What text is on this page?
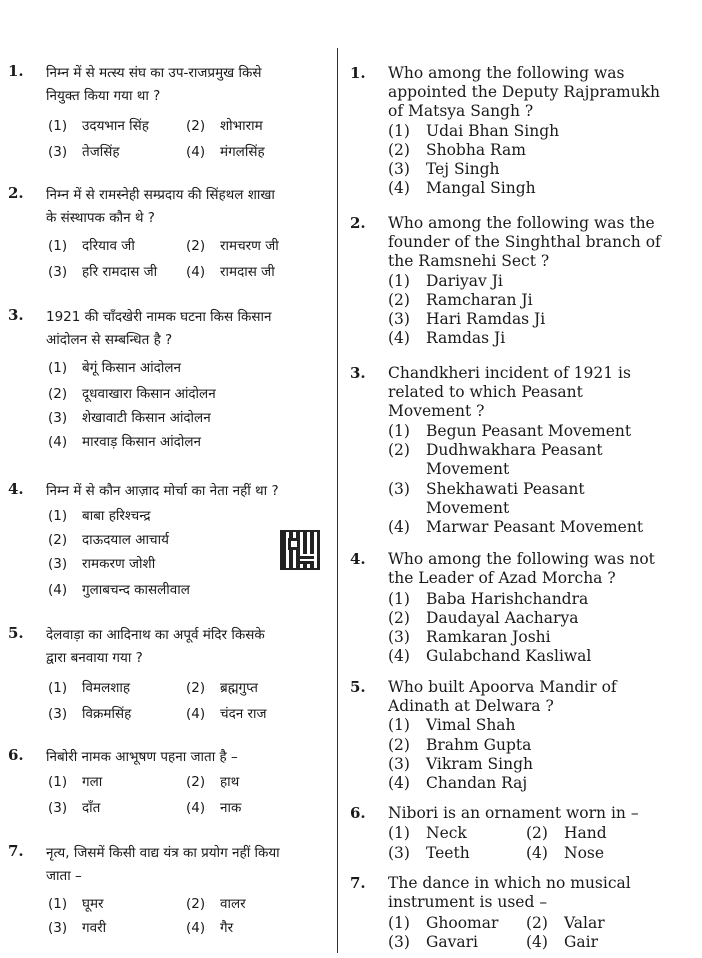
1. निम्न में से मत्स्य संघ का उप-राजप्रमुख किसे
नियुक्त किया गया था ?
(1) उदयभान सिंह	(2) शोभाराम
(3) तेजसिंह	(4) मंगलसिंह
2. निम्न में से रामस्नेही सम्प्रदाय की सिंहथल शाखा
के संस्थापक कौन थे ?
(1) दरियाव जी	(2) रामचरण जी
(3) हरि रामदास जी (4) रामदास जी
3. 1921 की चाँदखेरी नामक घटना किस किसान
आंदोलन से सम्बन्धित है ?
(1) बेगूं किसान आंदोलन
(2) दूधवाखारा किसान आंदोलन
(3) शेखावाटी किसान आंदोलन
(4) मारवाड़ किसान आंदोलन
4. निम्न में से कौन आज़ाद मोर्चा का नेता नहीं था ?
(1) बाबा हरिश्चन्द्र
(2) दाऊदयाल आचार्य
(3) रामकरण जोशी
(4) गुलाबचन्द कासलीवाल
5. देलवाड़ा का आदिनाथ का अपूर्व मंदिर किसके
द्वारा बनवाया गया ?
(1) विमलशाह	(2) ब्रह्मगुप्त
(3) विक्रमसिंह	(4) चंदन राज
6. निबोरी नामक आभूषण पहना जाता है –
(1) गला	(2) हाथ
(3) दाँत	(4) नाक
7. नृत्य, जिसमें किसी वाद्य यंत्र का प्रयोग नहीं किया
जाता –
(1) घूमर	(2) वालर
(3) गवरी	(4) गैर
1. Who among the following was
appointed the Deputy Rajpramukh
of Matsya Sangh ?
(1) Udai Bhan Singh
(2) Shobha Ram
(3) Tej Singh
(4) Mangal Singh
2. Who among the following was the
founder of the Singhthal branch of
the Ramsnehi Sect ?
(1) Dariyav Ji
(2) Ramcharan Ji
(3) Hari Ramdas Ji
(4) Ramdas Ji
3. Chandkheri incident of 1921 is
related to which Peasant
Movement ?
(1) Begun Peasant Movement
(2) Dudhwakhara Peasant
Movement
(3) Shekhawati Peasant
Movement
(4) Marwar Peasant Movement
4. Who among the following was not
the Leader of Azad Morcha ?
(1) Baba Harishchandra
(2) Daudayal Aacharya
(3) Ramkaran Joshi
(4) Gulabchand Kasliwal
5. Who built Apoorva Mandir of
Adinath at Delwara ?
(1) Vimal Shah
(2) Brahm Gupta
(3) Vikram Singh
(4) Chandan Raj
6. Nibori is an ornament worn in –
(1) Neck	(2) Hand
(3) Teeth	(4) Nose
7. The dance in which no musical
instrument is used –
(1) Ghoomar (2) Valar
(3) Gavari	(4) Gair
